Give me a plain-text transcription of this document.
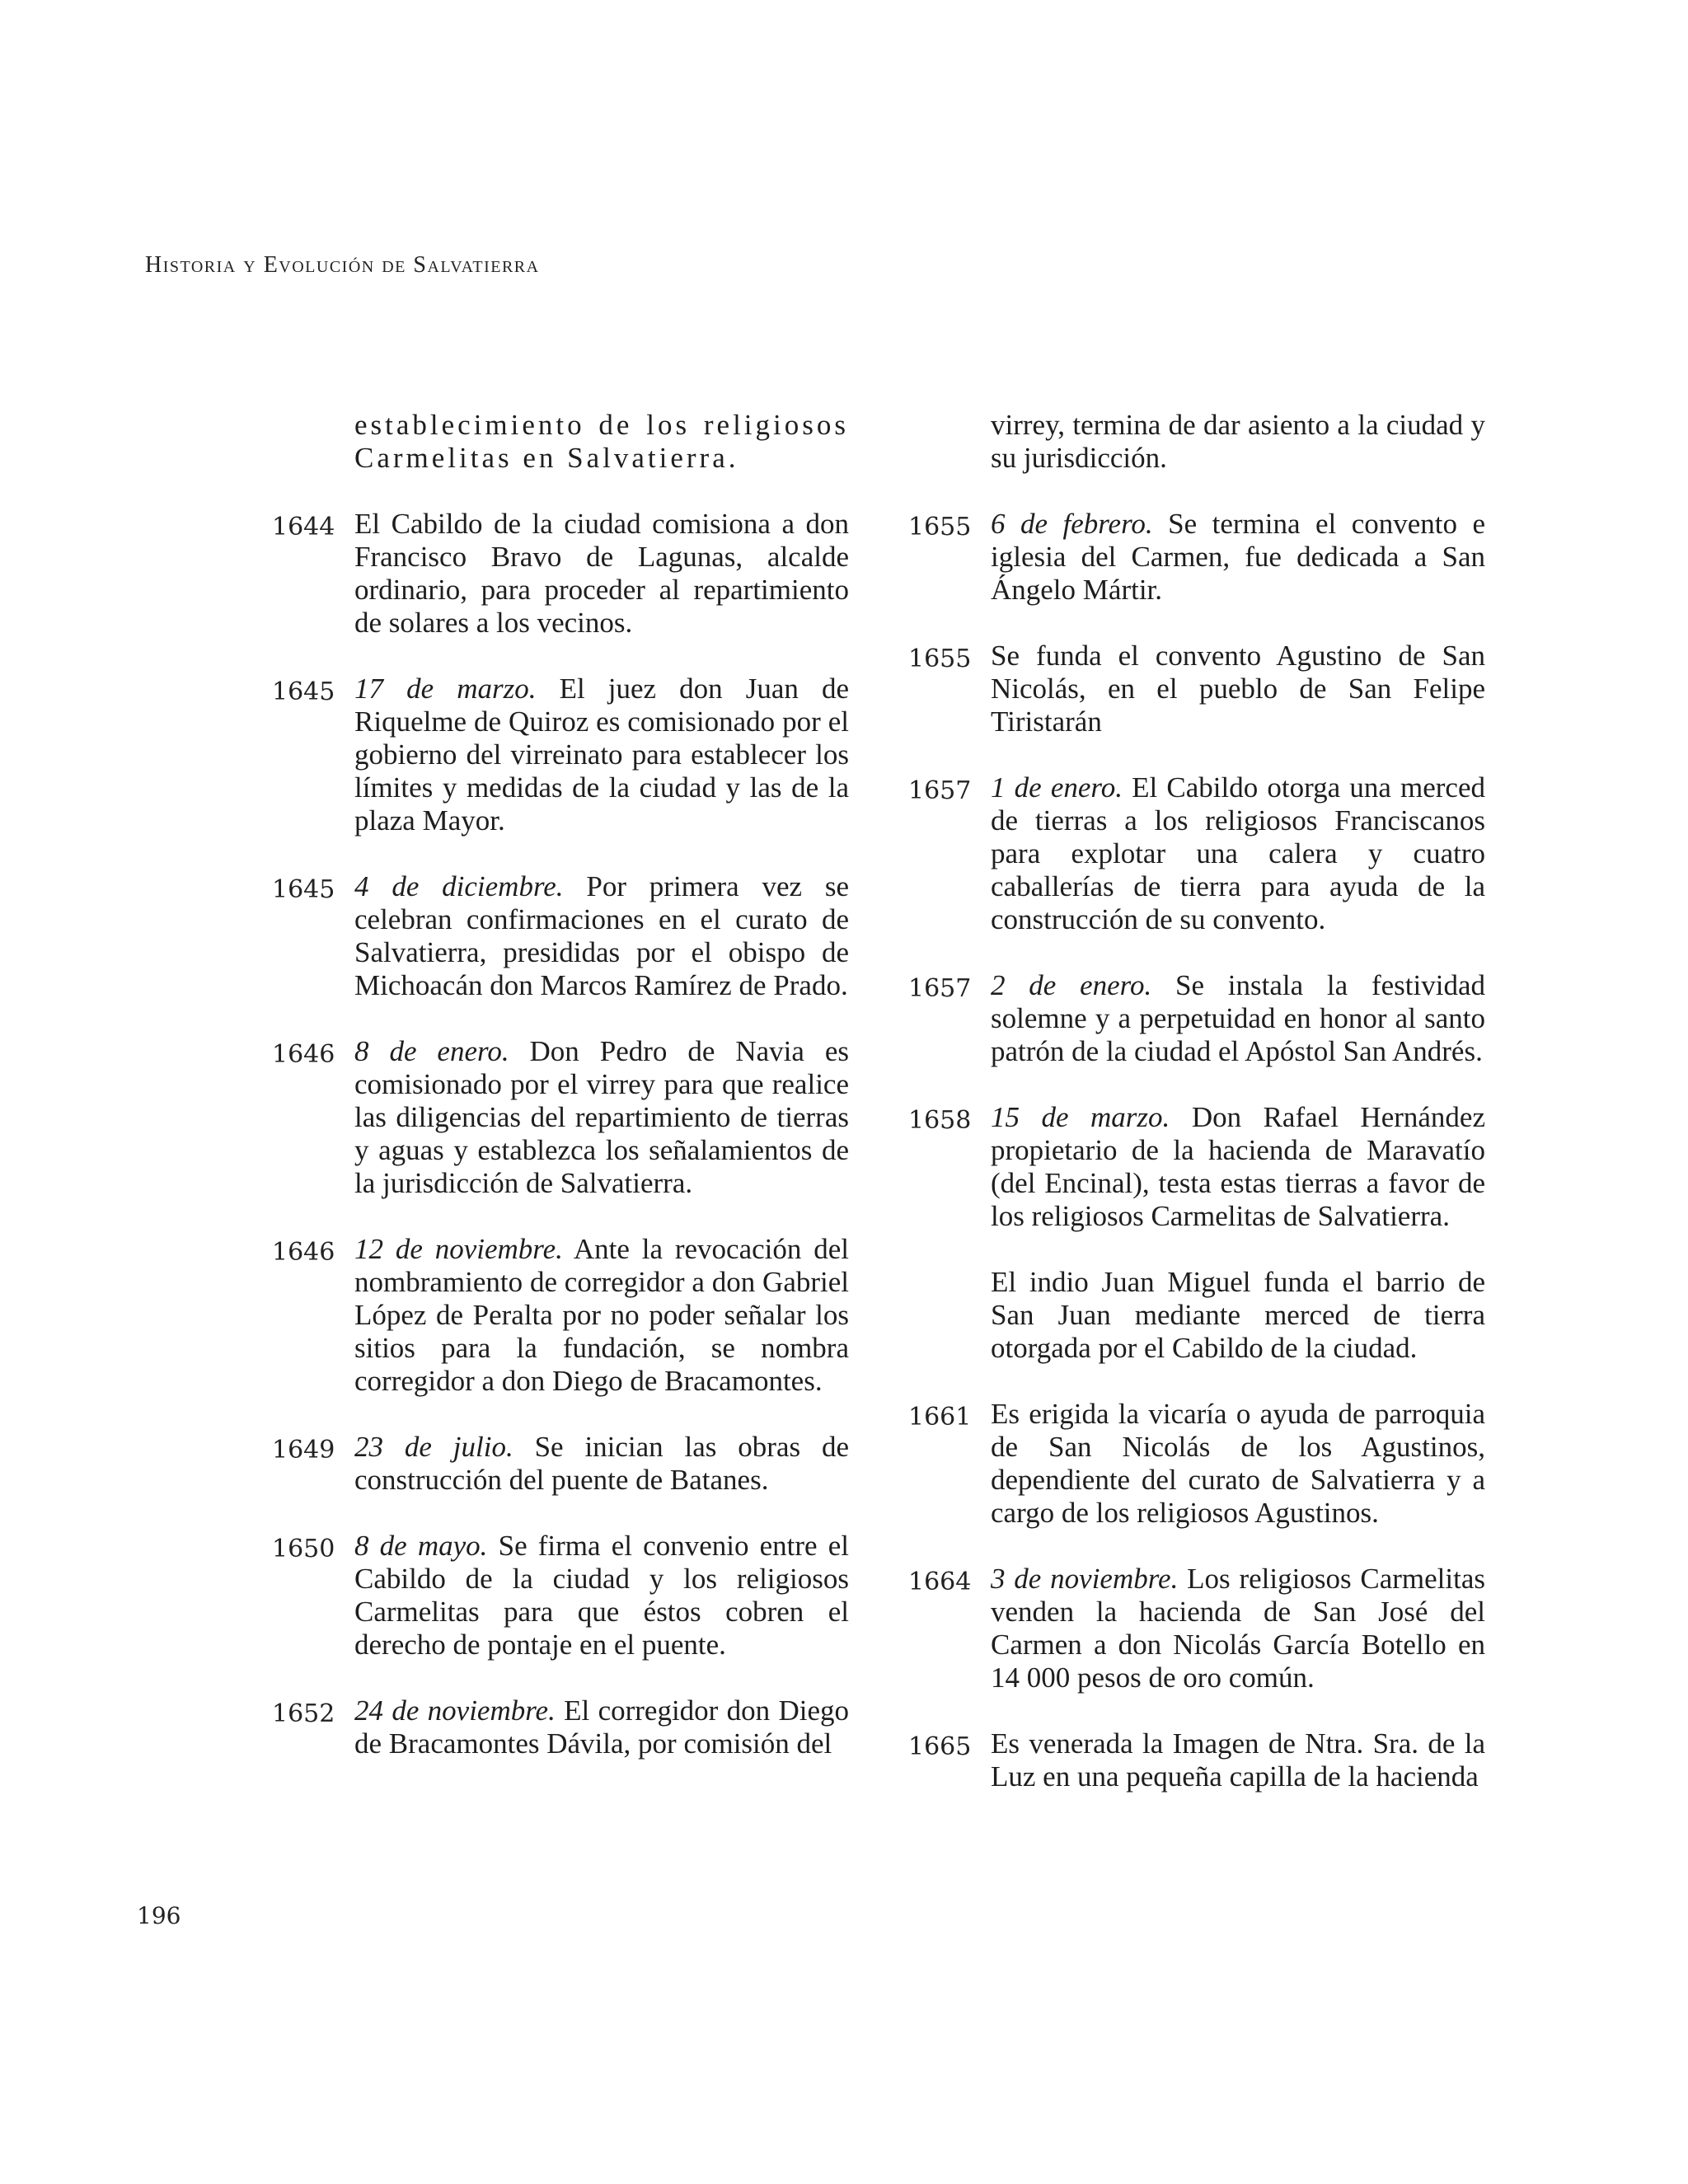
Historia y Evolución de Salvatierra

establecimiento de los religiosos Carmelitas en Salvatierra.

1644 El Cabildo de la ciudad comisiona a don Francisco Bravo de Lagunas, alcalde ordinario, para proceder al repartimiento de solares a los vecinos.

1645 17 de marzo. El juez don Juan de Riquelme de Quiroz es comisionado por el gobierno del virreinato para establecer los límites y medidas de la ciudad y las de la plaza Mayor.

1645 4 de diciembre. Por primera vez se celebran confirmaciones en el curato de Salvatierra, presididas por el obispo de Michoacán don Marcos Ramírez de Prado.

1646 8 de enero. Don Pedro de Navia es comisionado por el virrey para que realice las diligencias del repartimiento de tierras y aguas y establezca los señalamientos de la jurisdicción de Salvatierra.

1646 12 de noviembre. Ante la revocación del nombramiento de corregidor a don Gabriel López de Peralta por no poder señalar los sitios para la fundación, se nombra corregidor a don Diego de Bracamontes.

1649 23 de julio. Se inician las obras de construcción del puente de Batanes.

1650 8 de mayo. Se firma el convenio entre el Cabildo de la ciudad y los religiosos Carmelitas para que éstos cobren el derecho de pontaje en el puente.

1652 24 de noviembre. El corregidor don Diego de Bracamontes Dávila, por comisión del

virrey, termina de dar asiento a la ciudad y su jurisdicción.

1655 6 de febrero. Se termina el convento e iglesia del Carmen, fue dedicada a San Ángelo Mártir.

1655 Se funda el convento Agustino de San Nicolás, en el pueblo de San Felipe Tiristarán

1657 1 de enero. El Cabildo otorga una merced de tierras a los religiosos Franciscanos para explotar una calera y cuatro caballerías de tierra para ayuda de la construcción de su convento.

1657 2 de enero. Se instala la festividad solemne y a perpetuidad en honor al santo patrón de la ciudad el Apóstol San Andrés.

1658 15 de marzo. Don Rafael Hernández propietario de la hacienda de Maravatío (del Encinal), testa estas tierras a favor de los religiosos Carmelitas de Salvatierra.

El indio Juan Miguel funda el barrio de San Juan mediante merced de tierra otorgada por el Cabildo de la ciudad.

1661 Es erigida la vicaría o ayuda de parroquia de San Nicolás de los Agustinos, dependiente del curato de Salvatierra y a cargo de los religiosos Agustinos.

1664 3 de noviembre. Los religiosos Carmelitas venden la hacienda de San José del Carmen a don Nicolás García Botello en 14 000 pesos de oro común.

1665 Es venerada la Imagen de Ntra. Sra. de la Luz en una pequeña capilla de la hacienda

196
